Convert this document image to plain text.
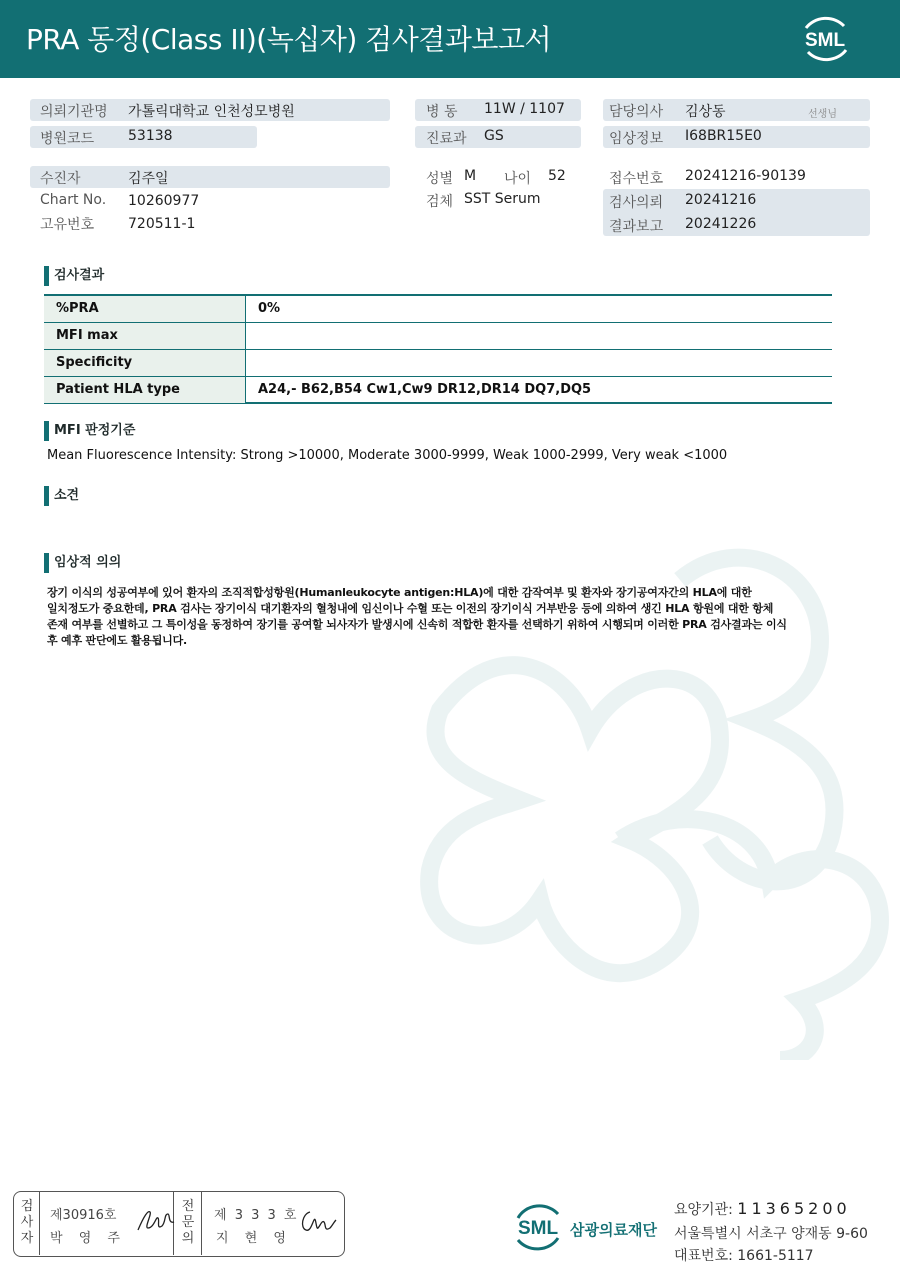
PRA 동정(Class II)(녹십자) 검사결과보고서	SML
의뢰기관명 가톨릭대학교 인천성모병원
병원코드 53138
병 동 11W / 1107
진료과 GS
담당의사 김상동	선생님
임상정보 I68BR15E0
수진자	김주일
Chart No. 10260977
고유번호 720511-1
성별 M 나이 52
검체 SST Serum
접수번호 20241216-90139
검사의뢰 20241216
결과보고 20241226
검사결과
%PRA	0%
MFI max
Specificity
Patient HLA type	A24,- B62,B54 Cw1,Cw9 DR12,DR14 DQ7,DQ5
MFI 판정기준
Mean Fluorescence Intensity: Strong >10000, Moderate 3000-9999, Weak 1000-2999, Very weak <1000
소견
임상적 의의
장기 이식의 성공여부에 있어 환자의 조직적합성항원(Humanleukocyte antigen:HLA)에 대한 감작여부 및 환자와 장기공여자간의 HLA에 대한
일치정도가 중요한데, PRA 검사는 장기이식 대기환자의 혈청내에 임신이나 수혈 또는 이전의 장기이식 거부반응 등에 의하여 생긴 HLA 항원에 대한 항체
존재 여부를 선별하고 그 특이성을 동정하여 장기를 공여할 뇌사자가 발생시에 신속히 적합한 환자를 선택하기 위하여 시행되며 이러한 PRA 검사결과는 이식
후 예후 판단에도 활용됩니다.
검사자
제30916호
박 영 주
전문의
제 3 3 3 호
지 현 영	SML 삼광의료재단
요양기관: 11365200
서울특별시 서초구 양재동 9-60
대표번호: 1661-5117
